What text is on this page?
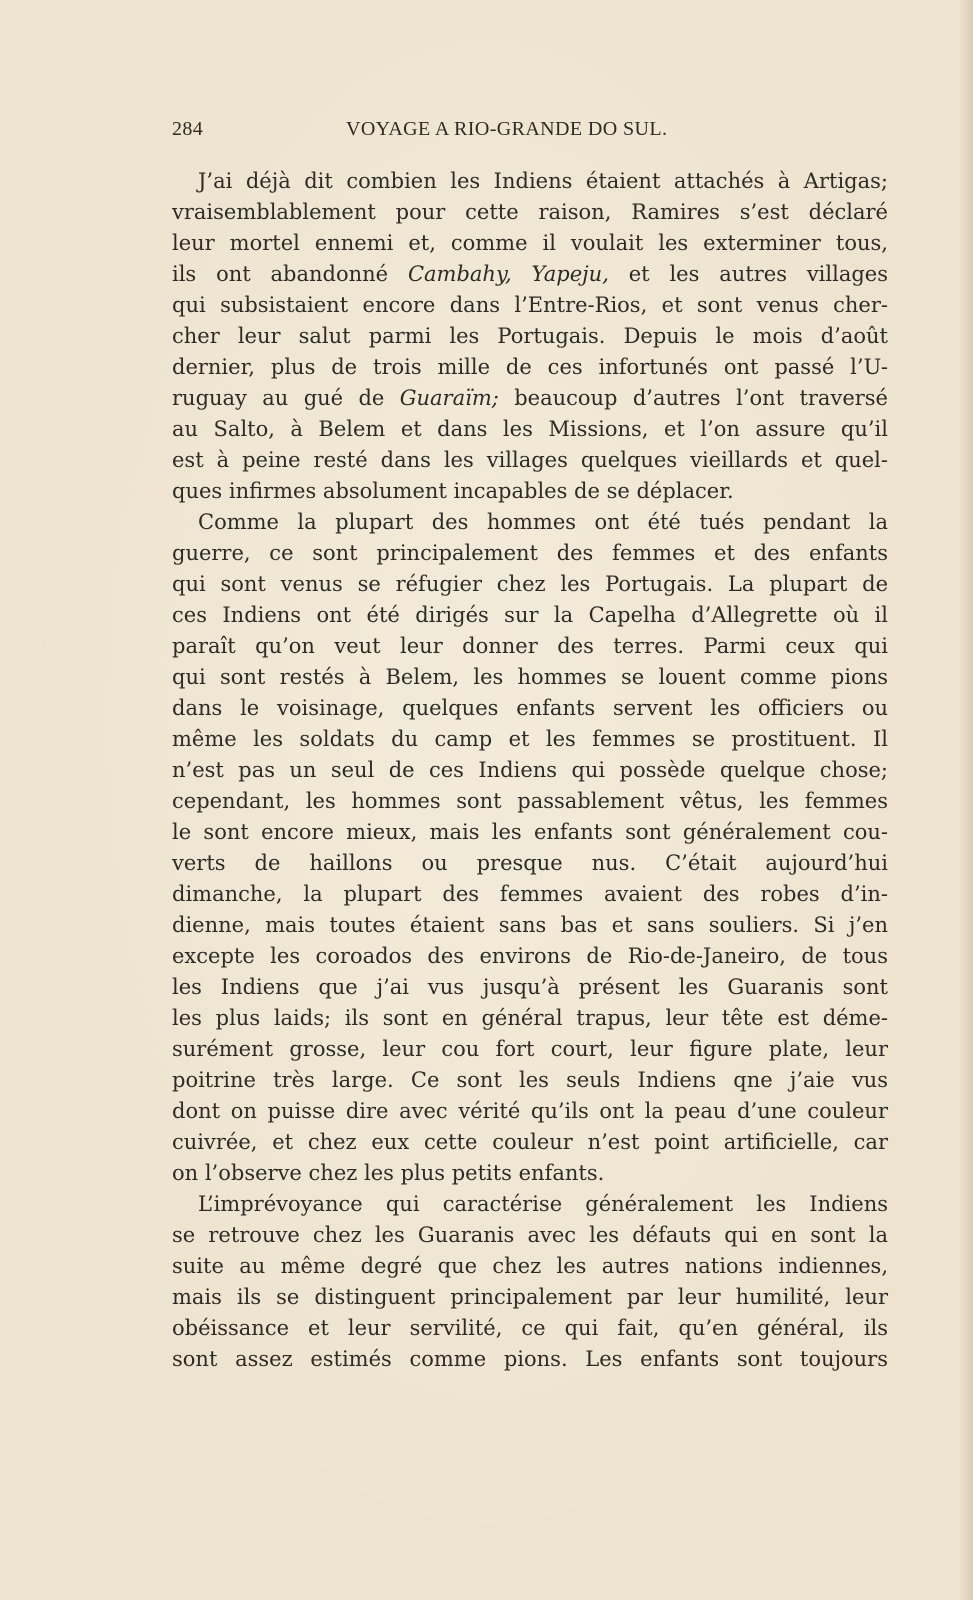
284	VOYAGE A RIO-GRANDE DO SUL.
J’ai déjà dit combien les Indiens étaient attachés à Artigas;
vraisemblablement pour cette raison, Ramires s’est déclaré
leur mortel ennemi et, comme il voulait les exterminer tous,
ils ont abandonné Cambahy, Yapeju, et les autres villages
qui subsistaient encore dans l’Entre-Rios, et sont venus cher-
cher leur salut parmi les Portugais. Depuis le mois d’août
dernier, plus de trois mille de ces infortunés ont passé l’U-
ruguay au gué de Guaraïm; beaucoup d’autres l’ont traversé
au Salto, à Belem et dans les Missions, et l’on assure qu’il
est à peine resté dans les villages quelques vieillards et quel-
ques infirmes absolument incapables de se déplacer.
Comme la plupart des hommes ont été tués pendant la
guerre, ce sont principalement des femmes et des enfants
qui sont venus se réfugier chez les Portugais. La plupart de
ces Indiens ont été dirigés sur la Capelha d’Allegrette où il
paraît qu’on veut leur donner des terres. Parmi ceux qui
qui sont restés à Belem, les hommes se louent comme pions
dans le voisinage, quelques enfants servent les officiers ou
même les soldats du camp et les femmes se prostituent. Il
n’est pas un seul de ces Indiens qui possède quelque chose;
cependant, les hommes sont passablement vêtus, les femmes
le sont encore mieux, mais les enfants sont généralement cou-
verts de haillons ou presque nus. C’était aujourd’hui
dimanche, la plupart des femmes avaient des robes d’in-
dienne, mais toutes étaient sans bas et sans souliers. Si j’en
excepte les coroados des environs de Rio-de-Janeiro, de tous
les Indiens que j’ai vus jusqu’à présent les Guaranis sont
les plus laids; ils sont en général trapus, leur tête est déme-
surément grosse, leur cou fort court, leur figure plate, leur
poitrine très large. Ce sont les seuls Indiens qne j’aie vus
dont on puisse dire avec vérité qu’ils ont la peau d’une couleur
cuivrée, et chez eux cette couleur n’est point artificielle, car
on l’observe chez les plus petits enfants.
L’imprévoyance qui caractérise généralement les Indiens
se retrouve chez les Guaranis avec les défauts qui en sont la
suite au même degré que chez les autres nations indiennes,
mais ils se distinguent principalement par leur humilité, leur
obéissance et leur servilité, ce qui fait, qu’en général, ils
sont assez estimés comme pions. Les enfants sont toujours
